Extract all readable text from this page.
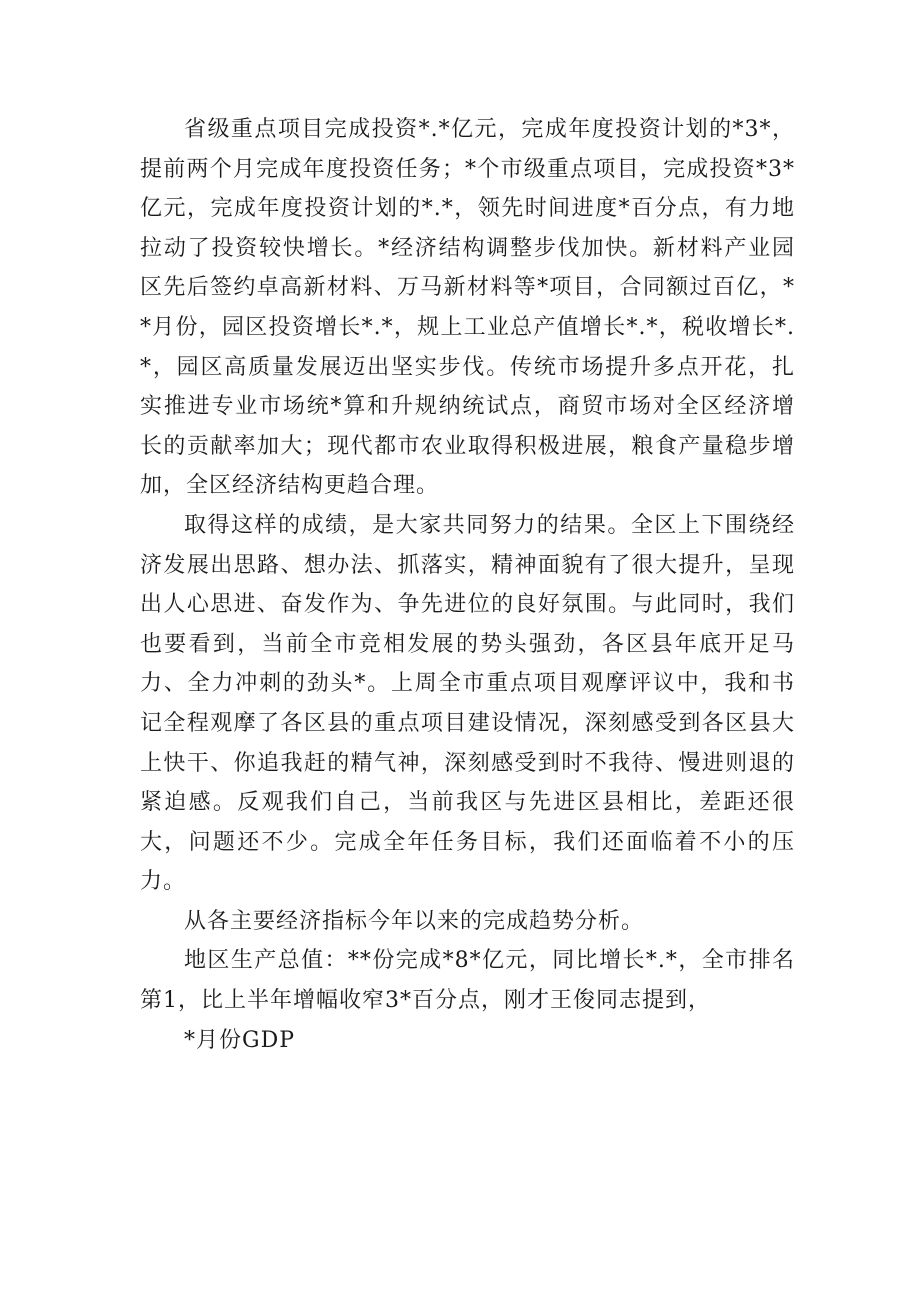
省级重点项目完成投资*.*亿元，完成年度投资计划的*3*，提前两个月完成年度投资任务；*个市级重点项目，完成投资*3*亿元，完成年度投资计划的*.*，领先时间进度*百分点，有力地拉动了投资较快增长。*经济结构调整步伐加快。新材料产业园区先后签约卓高新材料、万马新材料等*项目，合同额过百亿，**月份，园区投资增长*.*，规上工业总产值增长*.*，税收增长*.*，园区高质量发展迈出坚实步伐。传统市场提升多点开花，扎实推进专业市场统*算和升规纳统试点，商贸市场对全区经济增长的贡献率加大；现代都市农业取得积极进展，粮食产量稳步增加，全区经济结构更趋合理。

取得这样的成绩，是大家共同努力的结果。全区上下围绕经济发展出思路、想办法、抓落实，精神面貌有了很大提升，呈现出人心思进、奋发作为、争先进位的良好氛围。与此同时，我们也要看到，当前全市竞相发展的势头强劲，各区县年底开足马力、全力冲刺的劲头*。上周全市重点项目观摩评议中，我和书记全程观摩了各区县的重点项目建设情况，深刻感受到各区县大上快干、你追我赶的精气神，深刻感受到时不我待、慢进则退的紧迫感。反观我们自己，当前我区与先进区县相比，差距还很大，问题还不少。完成全年任务目标，我们还面临着不小的压力。

从各主要经济指标今年以来的完成趋势分析。

地区生产总值：**份完成*8*亿元，同比增长*.*，全市排名第1，比上半年增幅收窄3*百分点，刚才王俊同志提到，

*月份GDP
